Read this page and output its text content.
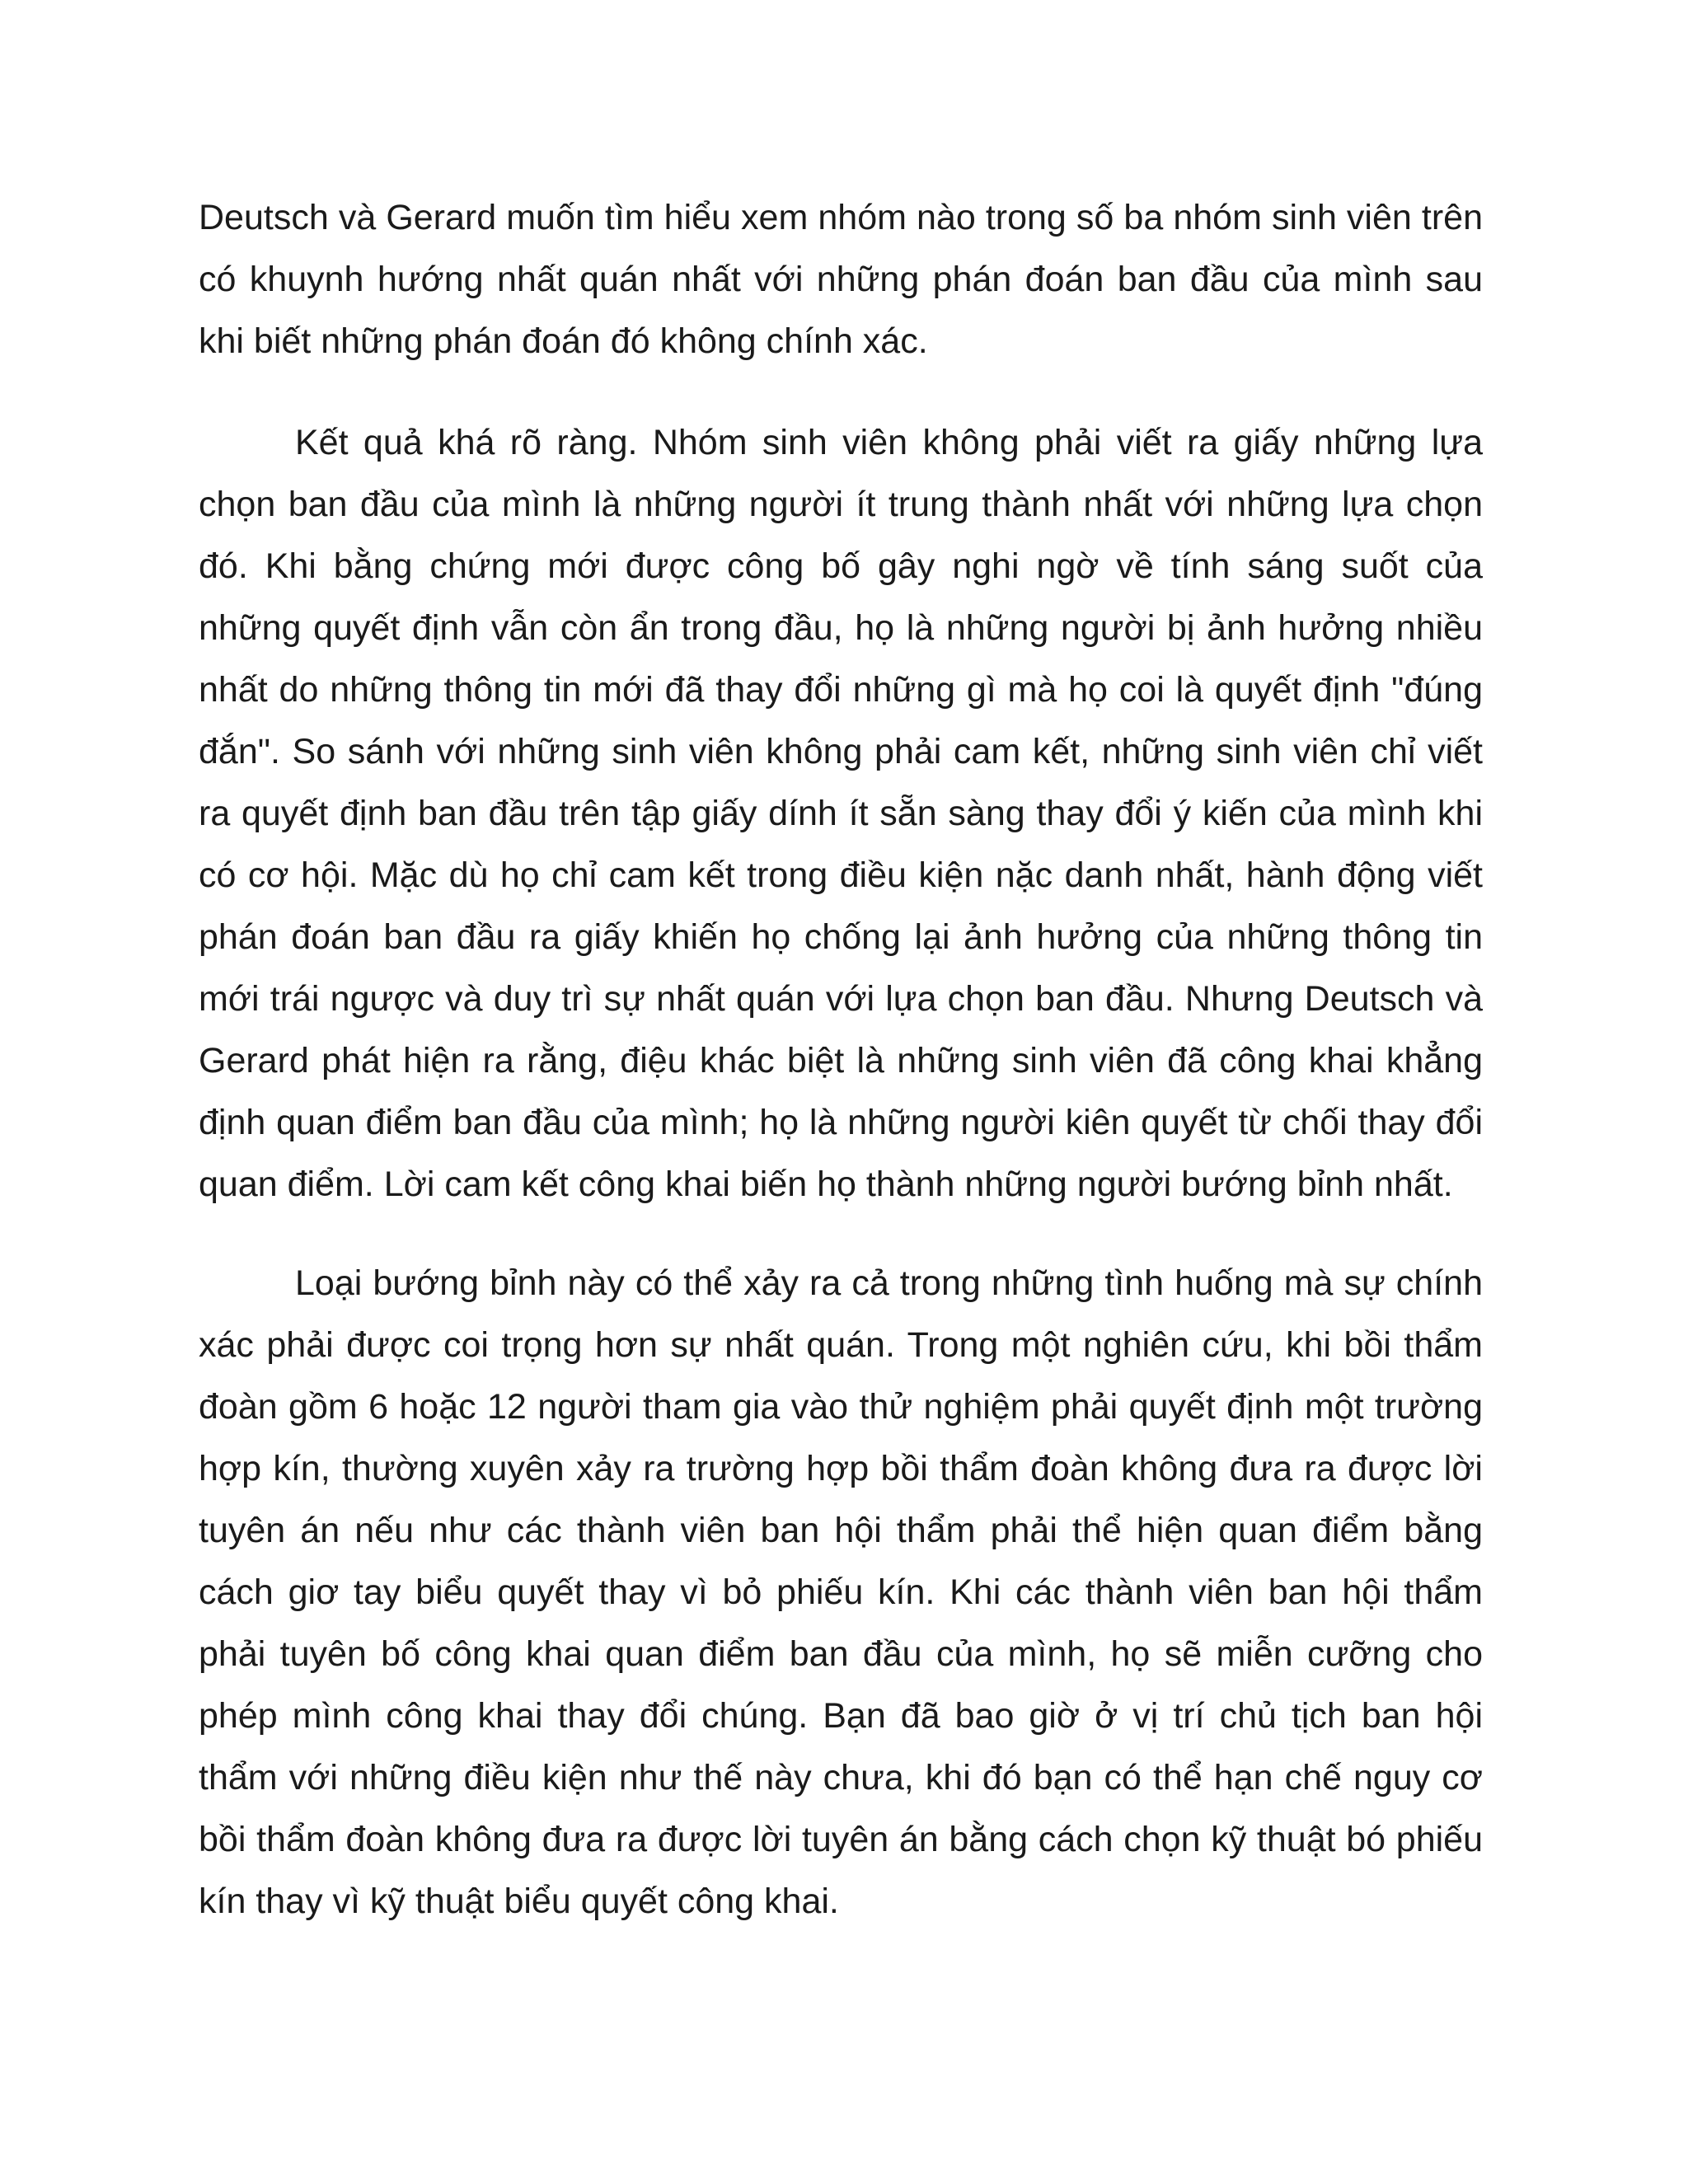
Deutsch và Gerard muốn tìm hiểu xem nhóm nào trong số ba nhóm sinh viên trên có khuynh hướng nhất quán nhất với những phán đoán ban đầu của mình sau khi biết những phán đoán đó không chính xác.

Kết quả khá rõ ràng. Nhóm sinh viên không phải viết ra giấy những lựa chọn ban đầu của mình là những người ít trung thành nhất với những lựa chọn đó. Khi bằng chứng mới được công bố gây nghi ngờ về tính sáng suốt của những quyết định vẫn còn ẩn trong đầu, họ là những người bị ảnh hưởng nhiều nhất do những thông tin mới đã thay đổi những gì mà họ coi là quyết định "đúng đắn". So sánh với những sinh viên không phải cam kết, những sinh viên chỉ viết ra quyết định ban đầu trên tập giấy dính ít sẵn sàng thay đổi ý kiến của mình khi có cơ hội. Mặc dù họ chỉ cam kết trong điều kiện nặc danh nhất, hành động viết phán đoán ban đầu ra giấy khiến họ chống lại ảnh hưởng của những thông tin mới trái ngược và duy trì sự nhất quán với lựa chọn ban đầu. Nhưng Deutsch và Gerard phát hiện ra rằng, điệu khác biệt là những sinh viên đã công khai khẳng định quan điểm ban đầu của mình; họ là những người kiên quyết từ chối thay đổi quan điểm. Lời cam kết công khai biến họ thành những người bướng bỉnh nhất.

Loại bướng bỉnh này có thể xảy ra cả trong những tình huống mà sự chính xác phải được coi trọng hơn sự nhất quán. Trong một nghiên cứu, khi bồi thẩm đoàn gồm 6 hoặc 12 người tham gia vào thử nghiệm phải quyết định một trường hợp kín, thường xuyên xảy ra trường hợp bồi thẩm đoàn không đưa ra được lời tuyên án nếu như các thành viên ban hội thẩm phải thể hiện quan điểm bằng cách giơ tay biểu quyết thay vì bỏ phiếu kín. Khi các thành viên ban hội thẩm phải tuyên bố công khai quan điểm ban đầu của mình, họ sẽ miễn cưỡng cho phép mình công khai thay đổi chúng. Bạn đã bao giờ ở vị trí chủ tịch ban hội thẩm với những điều kiện như thế này chưa, khi đó bạn có thể hạn chế nguy cơ bồi thẩm đoàn không đưa ra được lời tuyên án bằng cách chọn kỹ thuật bó phiếu kín thay vì kỹ thuật biểu quyết công khai.
